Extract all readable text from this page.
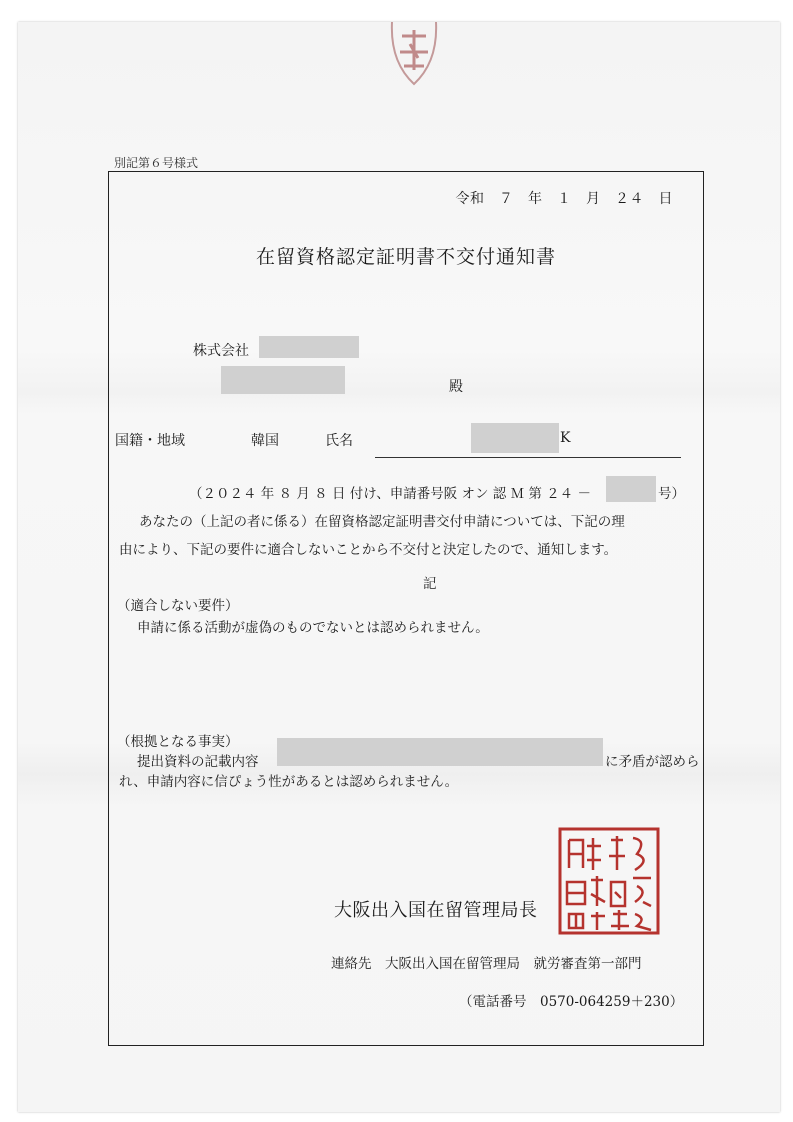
別記第６号様式
令和　７　年　１　月　２４　日
在留資格認定証明書不交付通知書
株式会社
殿
国籍・地域	韓国	氏名	K
（２０２４ 年 ８ 月 ８ 日 付け、申請番号阪 オン 認 Ｍ 第 ２４ －	号）
あなたの（上記の者に係る）在留資格認定証明書交付申請については、下記の理
由により、下記の要件に適合しないことから不交付と決定したので、通知します。
記
（適合しない要件）
申請に係る活動が虚偽のものでないとは認められません。
（根拠となる事実）
提出資料の記載内容	に矛盾が認めら
れ、申請内容に信ぴょう性があるとは認められません。
大阪出入国在留管理局長
連絡先　大阪出入国在留管理局　就労審査第一部門
（電話番号　0570-064259＋230）
